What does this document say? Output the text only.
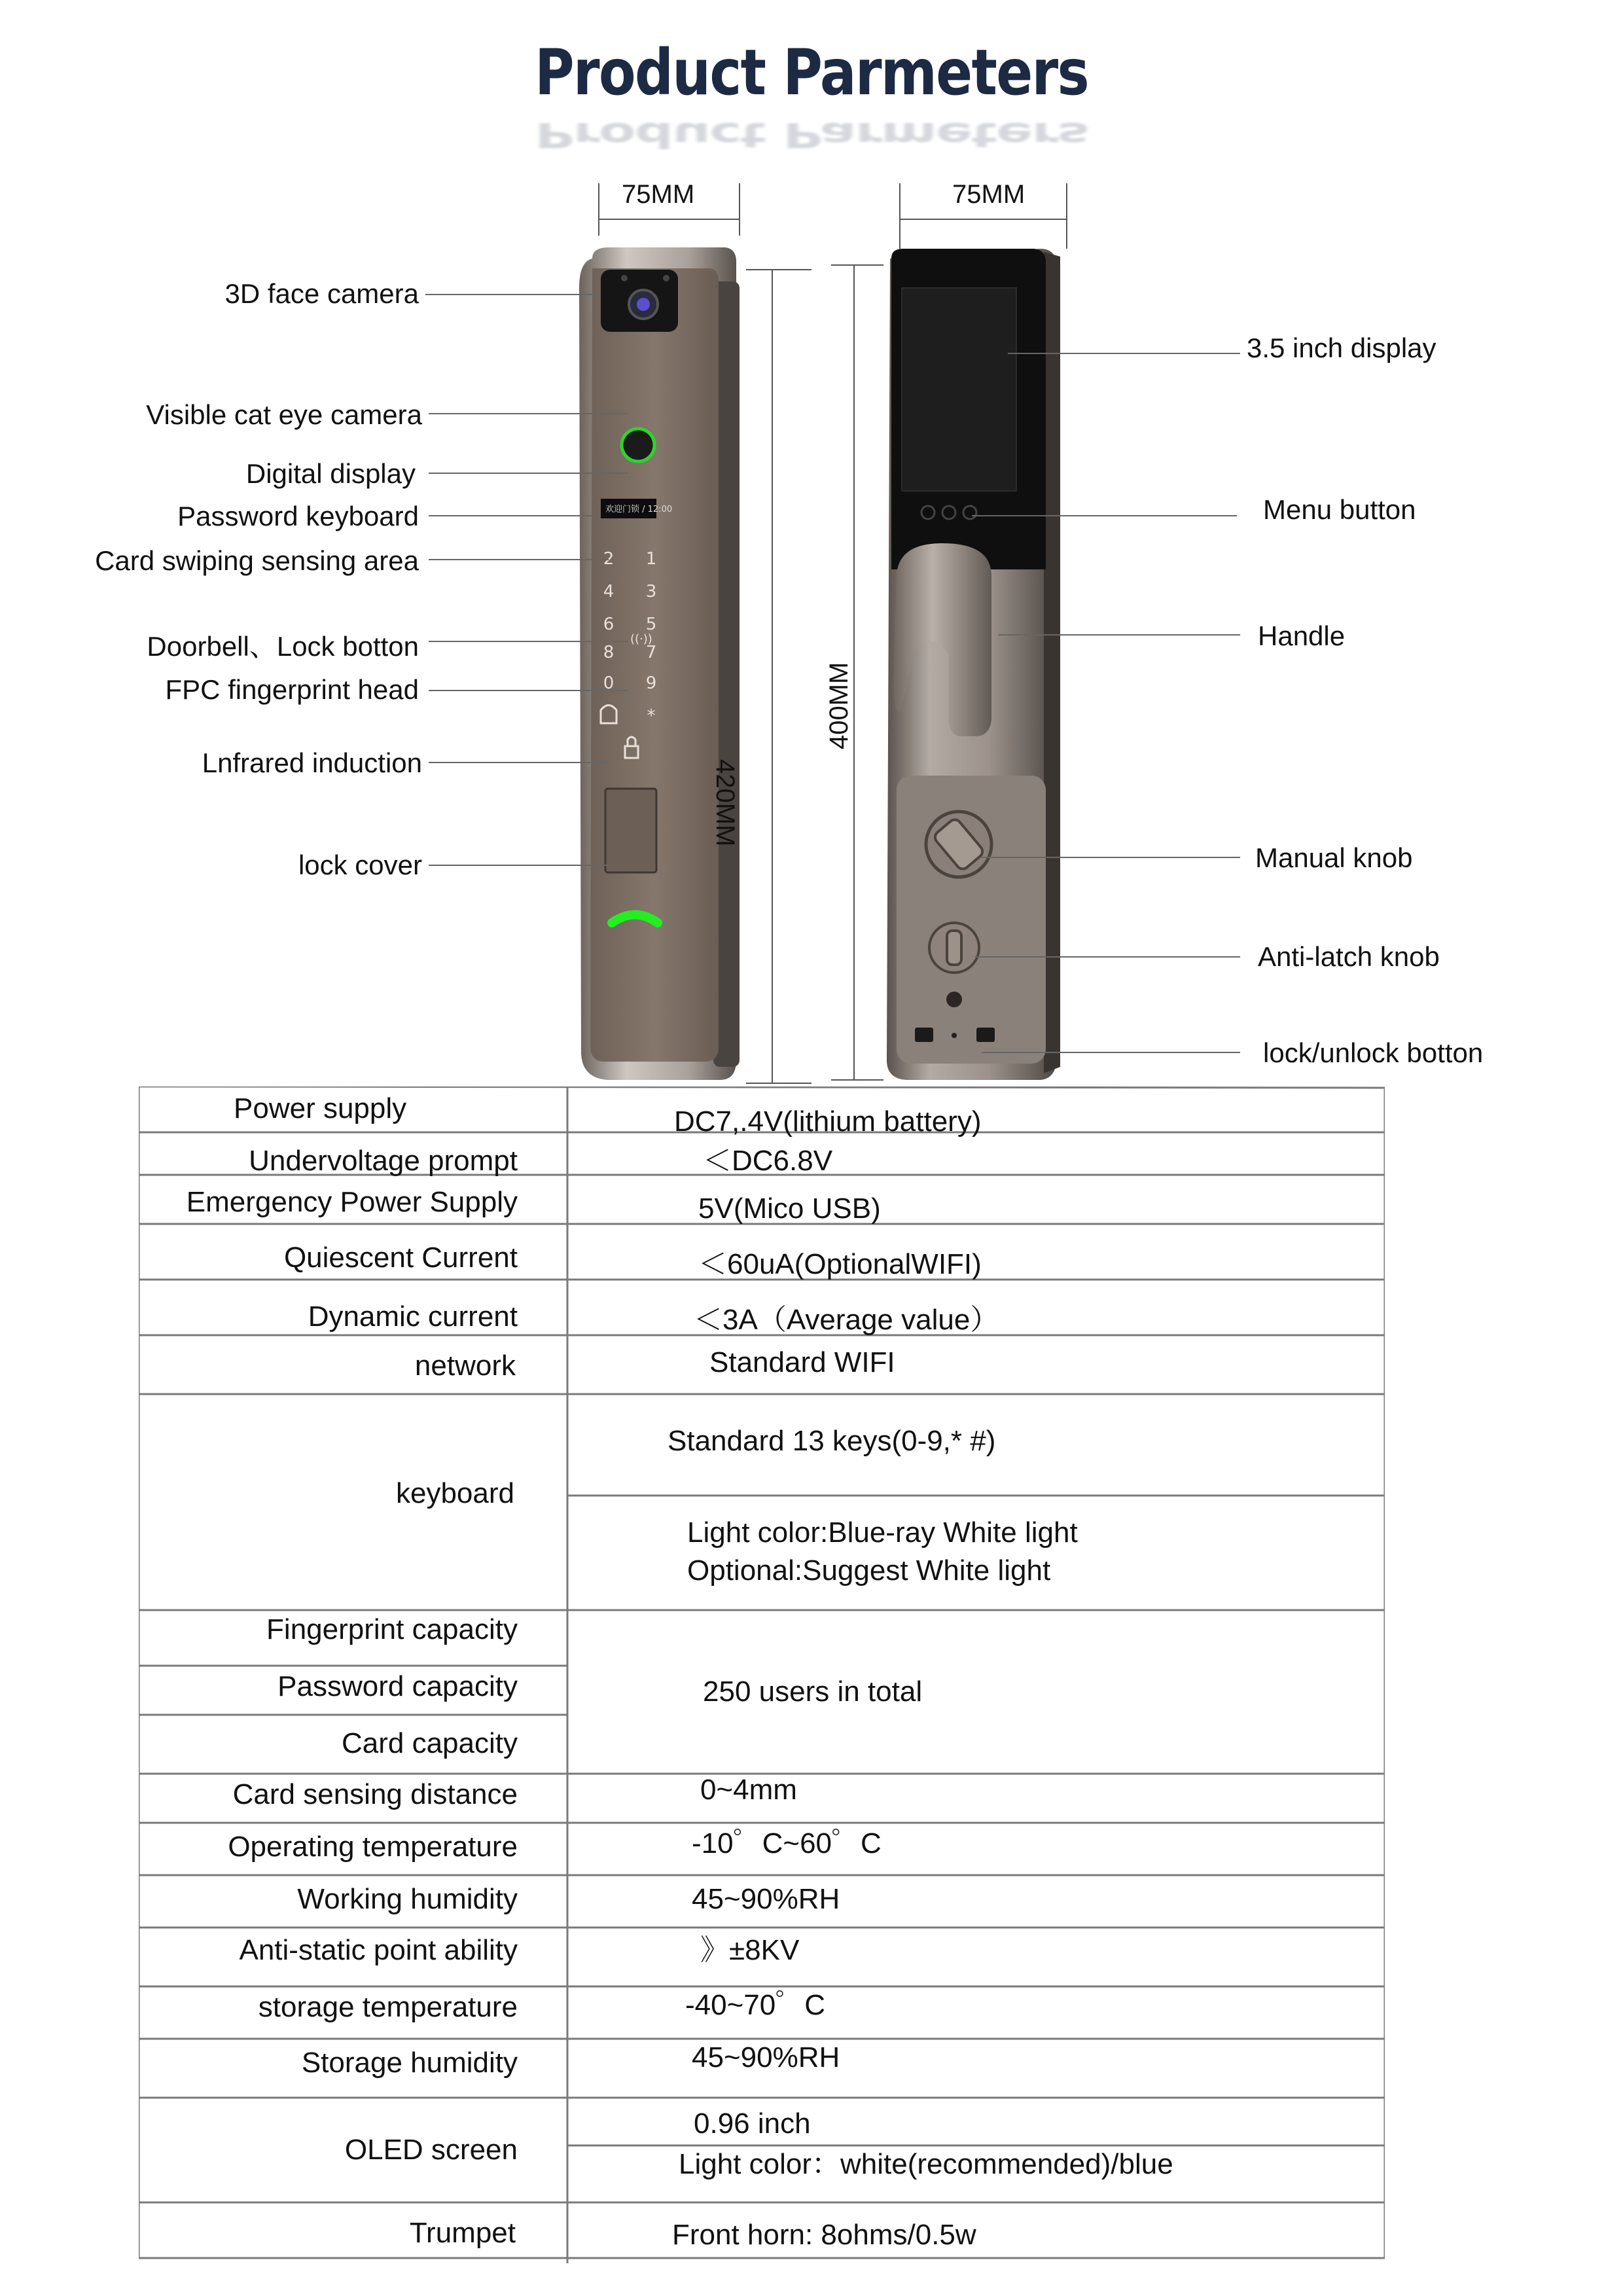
Product Parmeters
Product Parmeters
欢迎门锁 / 12:00
2 1
4 3
6 5
8 7
0 9
*
((·))
75MM	75MM
420MM
400MM
3D face camera
Visible cat eye camera
Digital display
Password keyboard
Card swiping sensing area
Doorbell、Lock botton
FPC fingerprint head
Lnfrared induction
lock cover
3.5 inch display
Menu button
Handle
Manual knob
Anti-latch knob
lock/unlock botton
Power supply
Undervoltage prompt
Emergency Power Supply
Quiescent Current
Dynamic current
network
keyboard
Fingerprint capacity
Password capacity
Card capacity
Card sensing distance
Operating temperature
Working humidity
Anti-static point ability
storage temperature
Storage humidity
OLED screen
Trumpet
DC7,.4V(lithium battery)
＜DC6.8V
5V(Mico USB)
＜60uA(OptionalWIFI)
＜3A（Average value）
Standard WIFI
Standard 13 keys(0-9,* #)
Light color:Blue-ray White light
Optional:Suggest White light
250 users in total
0~4mm
-10゜C~60゜C
45~90%RH
》±8KV
-40~70゜C
45~90%RH
0.96 inch
Light color：white(recommended)/blue
Front horn: 8ohms/0.5w
